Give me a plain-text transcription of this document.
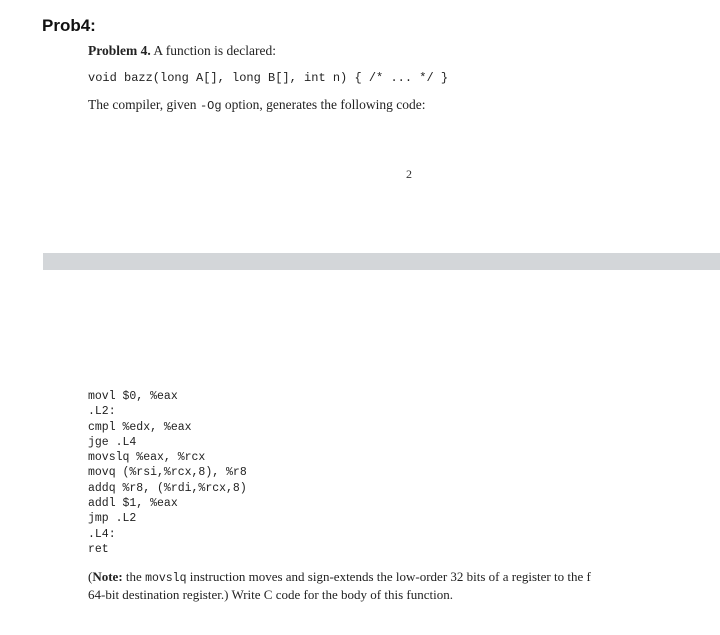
Prob4:
Problem 4. A function is declared:
void bazz(long A[], long B[], int n) { /* ... */ }
The compiler, given -Og option, generates the following code:
2
movl $0, %eax
.L2:
cmpl %edx, %eax
jge .L4
movslq %eax, %rcx
movq (%rsi,%rcx,8), %r8
addq %r8, (%rdi,%rcx,8)
addl $1, %eax
jmp .L2
.L4:
ret
(Note: the movslq instruction moves and sign-extends the low-order 32 bits of a register to the f
64-bit destination register.) Write C code for the body of this function.
